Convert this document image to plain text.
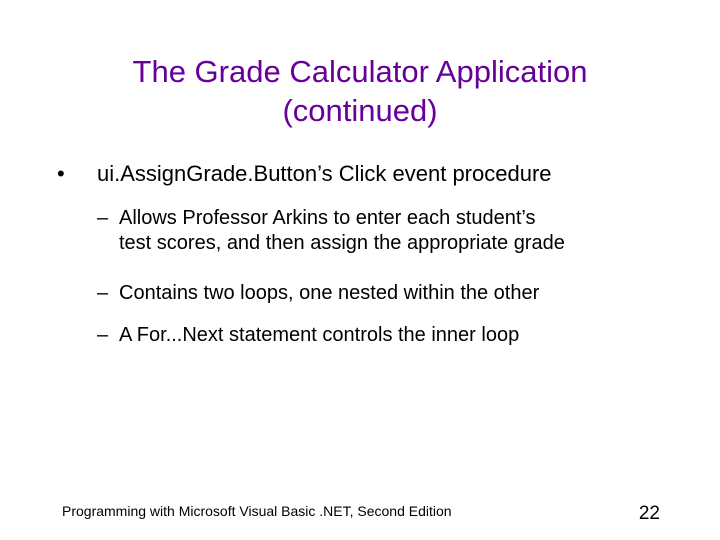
The Grade Calculator Application
(continued)
• ui.AssignGrade.Button’s Click event procedure
– Allows Professor Arkins to enter each student’s
test scores, and then assign the appropriate grade
– Contains two loops, one nested within the other
– A For...Next statement controls the inner loop
Programming with Microsoft Visual Basic .NET, Second Edition	22
